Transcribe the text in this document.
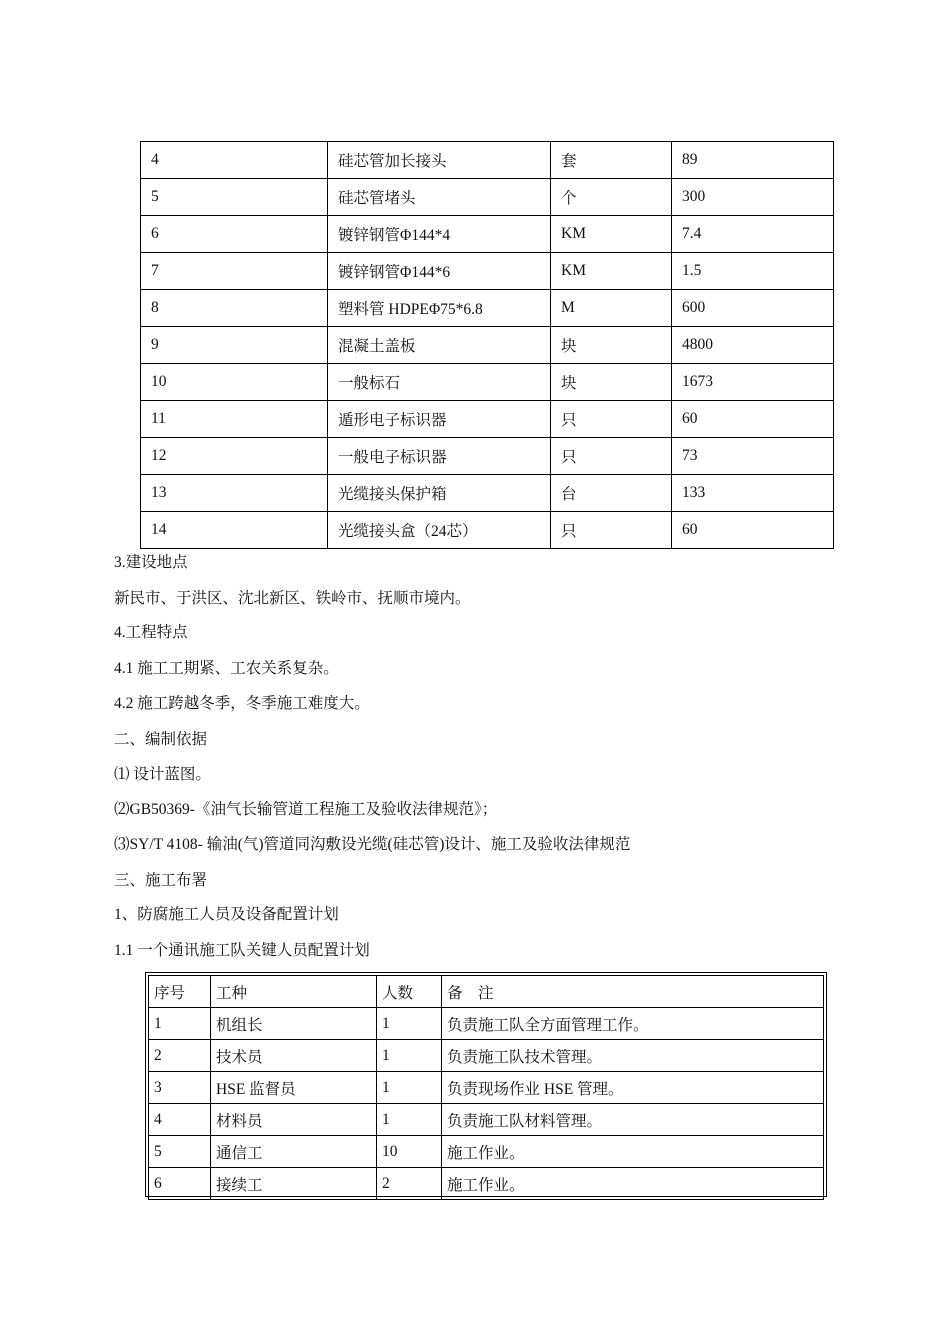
4	硅芯管加长接头	套	89
5	硅芯管堵头	个	300
6	镀锌钢管Φ144*4	KM	7.4
7	镀锌钢管Φ144*6	KM	1.5
8	塑料管 HDPEΦ75*6.8	M	600
9	混凝土盖板	块	4800
10	一般标石	块	1673
11	遁形电子标识器	只	60
12	一般电子标识器	只	73
13	光缆接头保护箱	台	133
14	光缆接头盒（24芯）	只	60
3.建设地点
新民市、于洪区、沈北新区、铁岭市、抚顺市境内。
4.工程特点
4.1 施工工期紧、工农关系复杂。
4.2 施工跨越冬季，冬季施工难度大。
二、编制依据
⑴ 设计蓝图。
⑵GB50369-《油气长输管道工程施工及验收法律规范》；
⑶SY/T 4108- 输油(气)管道同沟敷设光缆(硅芯管)设计、施工及验收法律规范
三、施工布署
1、防腐施工人员及设备配置计划
1.1 一个通讯施工队关键人员配置计划
序号	工种	人数	备　注
1	机组长	1	负责施工队全方面管理工作。
2	技术员	1	负责施工队技术管理。
3	HSE 监督员	1	负责现场作业 HSE 管理。
4	材料员	1	负责施工队材料管理。
5	通信工	10	施工作业。
6	接续工	2	施工作业。
